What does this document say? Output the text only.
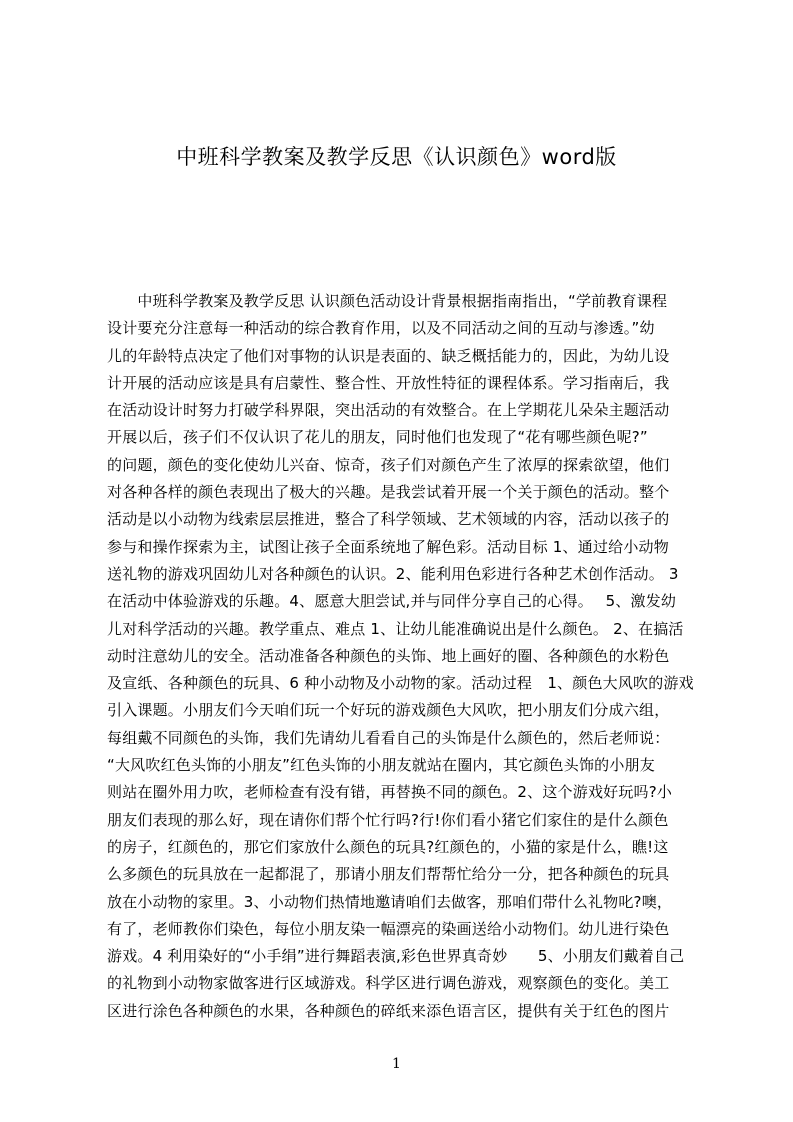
中班科学教案及教学反思《认识颜色》word版
　　中班科学教案及教学反思 认识颜色活动设计背景根据指南指出，“学前教育课程
设计要充分注意每一种活动的综合教育作用，以及不同活动之间的互动与渗透。”幼
儿的年龄特点决定了他们对事物的认识是表面的、缺乏概括能力的，因此，为幼儿设
计开展的活动应该是具有启蒙性、整合性、开放性特征的课程体系。学习指南后，我
在活动设计时努力打破学科界限，突出活动的有效整合。在上学期花儿朵朵主题活动
开展以后，孩子们不仅认识了花儿的朋友，同时他们也发现了“花有哪些颜色呢?”
的问题，颜色的变化使幼儿兴奋、惊奇，孩子们对颜色产生了浓厚的探索欲望，他们
对各种各样的颜色表现出了极大的兴趣。是我尝试着开展一个关于颜色的活动。整个
活动是以小动物为线索层层推进，整合了科学领域、艺术领域的内容，活动以孩子的
参与和操作探索为主，试图让孩子全面系统地了解色彩。活动目标 1、通过给小动物
送礼物的游戏巩固幼儿对各种颜色的认识。2、能利用色彩进行各种艺术创作活动。 3
在活动中体验游戏的乐趣。4、愿意大胆尝试,并与同伴分享自己的心得。　 5、激发幼
儿对科学活动的兴趣。教学重点、难点 1、让幼儿能准确说出是什么颜色。 2、在搞活
动时注意幼儿的安全。活动准备各种颜色的头饰、地上画好的圈、各种颜色的水粉色
及宣纸、各种颜色的玩具、6 种小动物及小动物的家。活动过程　1、颜色大风吹的游戏
引入课题。小朋友们今天咱们玩一个好玩的游戏颜色大风吹，把小朋友们分成六组，
每组戴不同颜色的头饰，我们先请幼儿看看自己的头饰是什么颜色的，然后老师说：
“大风吹红色头饰的小朋友”红色头饰的小朋友就站在圈内，其它颜色头饰的小朋友
则站在圈外用力吹，老师检查有没有错，再替换不同的颜色。2、这个游戏好玩吗?小
朋友们表现的那么好，现在请你们帮个忙行吗?行!你们看小猪它们家住的是什么颜色
的房子，红颜色的，那它们家放什么颜色的玩具?红颜色的，小猫的家是什么，瞧!这
么多颜色的玩具放在一起都混了，那请小朋友们帮帮忙给分一分，把各种颜色的玩具
放在小动物的家里。3、小动物们热情地邀请咱们去做客，那咱们带什么礼物叱?噢，
有了，老师教你们染色，每位小朋友染一幅漂亮的染画送给小动物们。幼儿进行染色
游戏。4 利用染好的“小手绢”进行舞蹈表演,彩色世界真奇妙　　5、小朋友们戴着自己
的礼物到小动物家做客进行区域游戏。科学区进行调色游戏，观察颜色的变化。美工
区进行涂色各种颜色的水果，各种颜色的碎纸来添色语言区，提供有关于红色的图片
1
